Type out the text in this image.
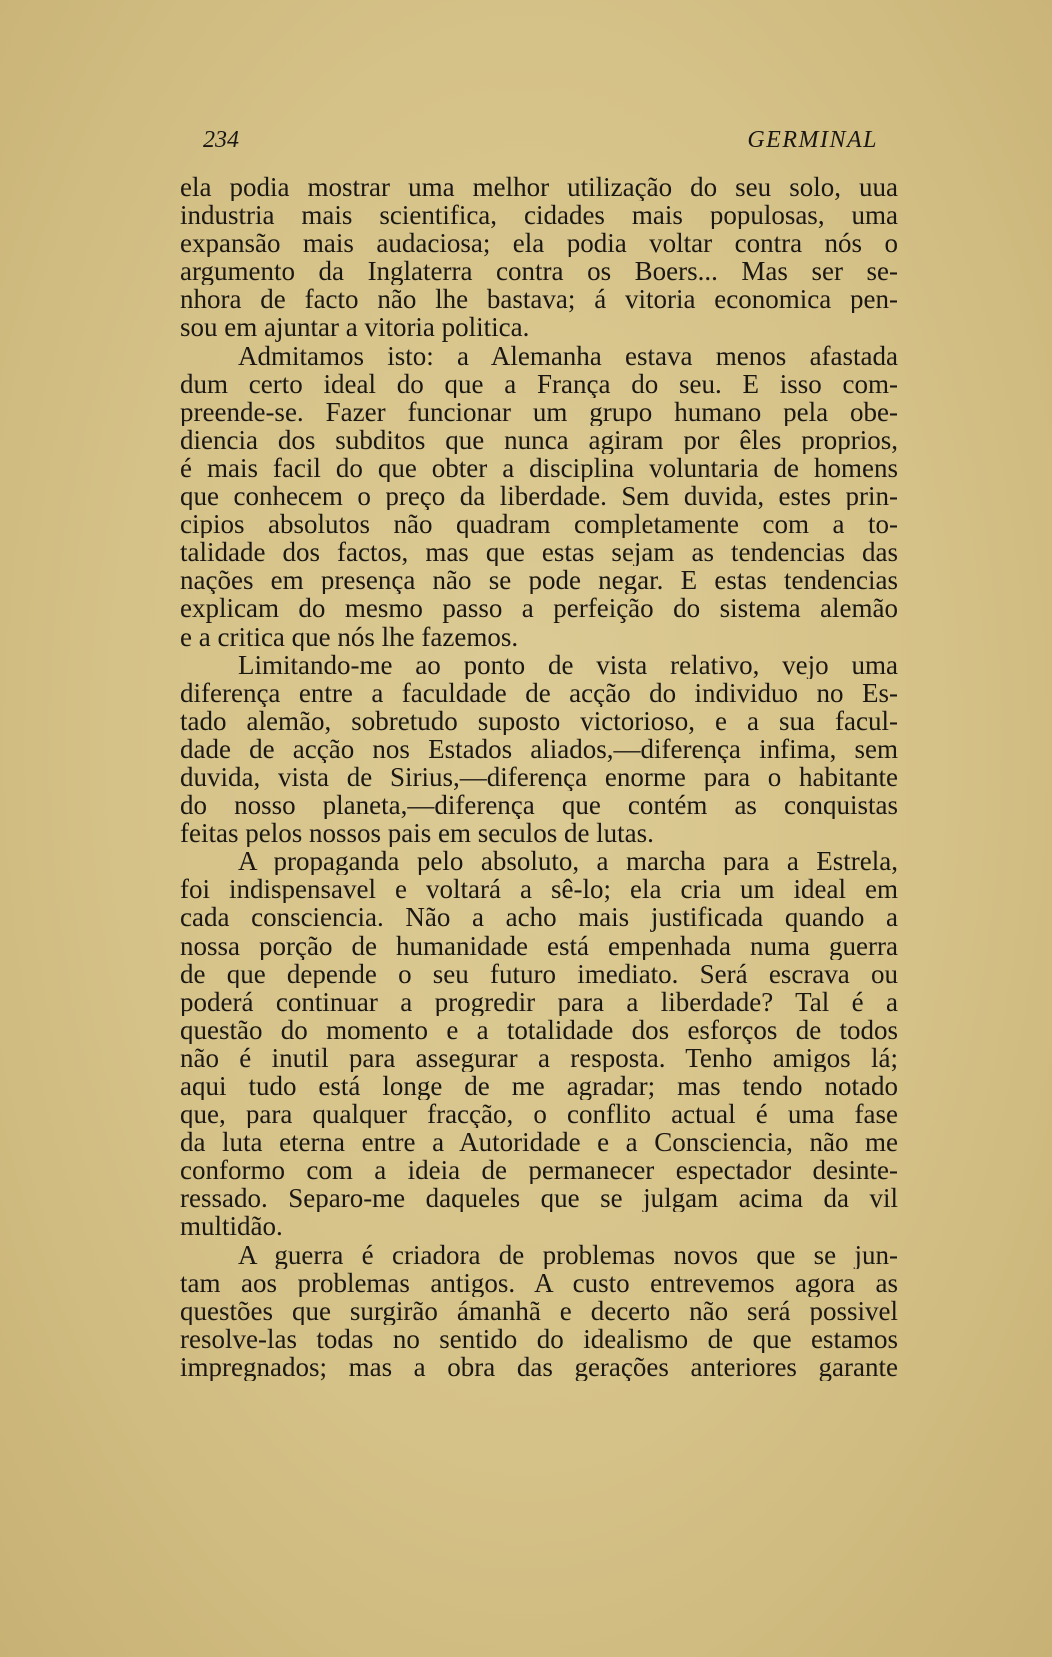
234	GERMINAL
ela podia mostrar uma melhor utilização do seu solo, uua
industria mais scientifica, cidades mais populosas, uma
expansão mais audaciosa; ela podia voltar contra nós o
argumento da Inglaterra contra os Boers... Mas ser se-
nhora de facto não lhe bastava; á vitoria economica pen-
sou em ajuntar a vitoria politica.
Admitamos isto: a Alemanha estava menos afastada
dum certo ideal do que a França do seu. E isso com-
preende-se. Fazer funcionar um grupo humano pela obe-
diencia dos subditos que nunca agiram por êles proprios,
é mais facil do que obter a disciplina voluntaria de homens
que conhecem o preço da liberdade. Sem duvida, estes prin-
cipios absolutos não quadram completamente com a to-
talidade dos factos, mas que estas sejam as tendencias das
nações em presença não se pode negar. E estas tendencias
explicam do mesmo passo a perfeição do sistema alemão
e a critica que nós lhe fazemos.
Limitando-me ao ponto de vista relativo, vejo uma
diferença entre a faculdade de acção do individuo no Es-
tado alemão, sobretudo suposto victorioso, e a sua facul-
dade de acção nos Estados aliados,—diferença infima, sem
duvida, vista de Sirius,—diferença enorme para o habitante
do nosso planeta,—diferença que contém as conquistas
feitas pelos nossos pais em seculos de lutas.
A propaganda pelo absoluto, a marcha para a Estrela,
foi indispensavel e voltará a sê-lo; ela cria um ideal em
cada consciencia. Não a acho mais justificada quando a
nossa porção de humanidade está empenhada numa guerra
de que depende o seu futuro imediato. Será escrava ou
poderá continuar a progredir para a liberdade? Tal é a
questão do momento e a totalidade dos esforços de todos
não é inutil para assegurar a resposta. Tenho amigos lá;
aqui tudo está longe de me agradar; mas tendo notado
que, para qualquer fracção, o conflito actual é uma fase
da luta eterna entre a Autoridade e a Consciencia, não me
conformo com a ideia de permanecer espectador desinte-
ressado. Separo-me daqueles que se julgam acima da vil
multidão.
A guerra é criadora de problemas novos que se jun-
tam aos problemas antigos. A custo entrevemos agora as
questões que surgirão ámanhã e decerto não será possivel
resolve-las todas no sentido do idealismo de que estamos
impregnados; mas a obra das gerações anteriores garante
